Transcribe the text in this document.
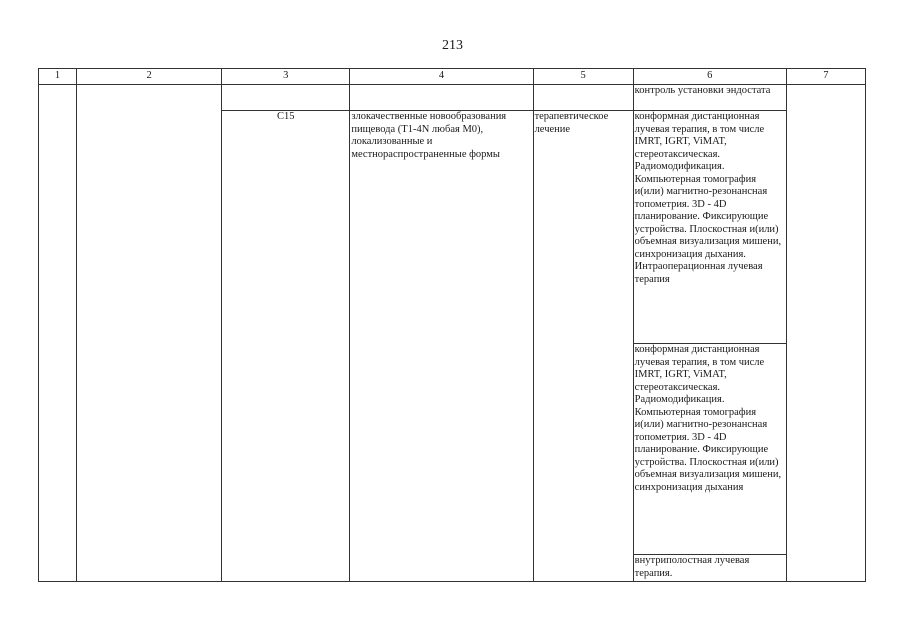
213
1	2	3	4	5	6	7
					контроль установки эндостата	
		C15	злокачественные новообразования пищевода (T1-4N любая M0), локализованные и местнораспространенные формы	терапевтическое лечение	конформная дистанционная лучевая терапия, в том числе IMRT, IGRT, ViMAT, стереотаксическая. Радиомодификация. Компьютерная томография и(или) магнитно-резонансная топометрия. 3D - 4D планирование. Фиксирующие устройства. Плоскостная и(или) объемная визуализация мишени, синхронизация дыхания. Интраоперационная лучевая терапия	
					конформная дистанционная лучевая терапия, в том числе IMRT, IGRT, ViMAT, стереотаксическая. Радиомодификация. Компьютерная томография и(или) магнитно-резонансная топометрия. 3D - 4D планирование. Фиксирующие устройства. Плоскостная и(или) объемная визуализация мишени, синхронизация дыхания	
					внутриполостная лучевая терапия.	
